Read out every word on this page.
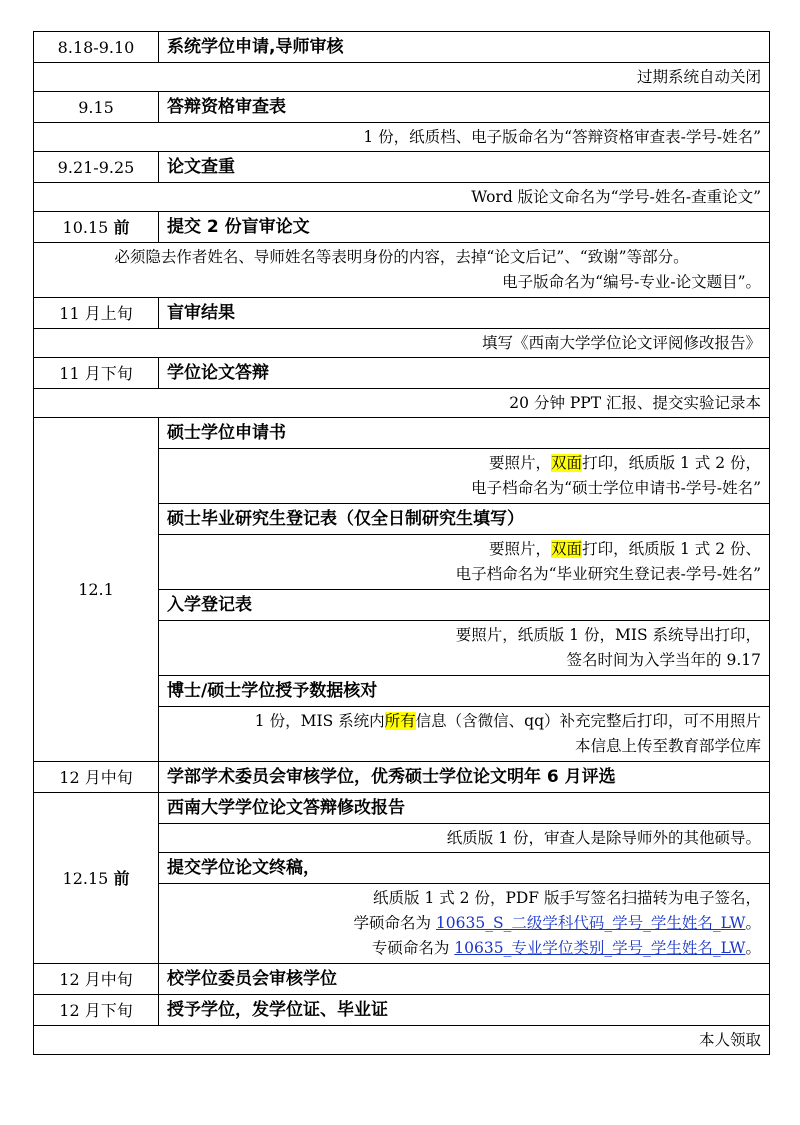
8.18-9.10	系统学位申请,导师审核
过期系统自动关闭	
9.15	答辩资格审查表
1 份，纸质档、电子版命名为“答辩资格审查表-学号-姓名”	
9.21-9.25	论文查重
Word 版论文命名为“学号-姓名-查重论文”	
10.15 前	提交 2 份盲审论文

必须隐去作者姓名、导师姓名等表明身份的内容，去掉“论文后记”、“致谢”等部分。
电子版命名为“编号-专业-论文题目”。	

11 月上旬	盲审结果
填写《西南大学学位论文评阅修改报告》	
11 月下旬	学位论文答辩
20 分钟 PPT 汇报、提交实验记录本	
12.1	硕士学位申请书

	要照片，双面打印，纸质版 1 式 2 份，
电子档命名为“硕士学位申请书-学号-姓名”

	硕士毕业研究生登记表（仅全日制研究生填写）

	要照片，双面打印，纸质版 1 式 2 份、
电子档命名为“毕业研究生登记表-学号-姓名”

	入学登记表

	要照片，纸质版 1 份，MIS 系统导出打印，
签名时间为入学当年的 9.17

	博士/硕士学位授予数据核对

	1 份，MIS 系统内所有信息（含微信、qq）补充完整后打印，可不用照片
本信息上传至教育部学位库

12 月中旬	学部学术委员会审核学位，优秀硕士学位论文明年 6 月评选
12.15 前	西南大学学位论文答辩修改报告
	纸质版 1 份，审查人是除导师外的其他硕导。
	提交学位论文终稿，

	纸质版 1 式 2 份，PDF 版手写签名扫描转为电子签名，
学硕命名为 10635_S_二级学科代码_学号_学生姓名_LW。
专硕命名为 10635_专业学位类别_学号_学生姓名_LW。

12 月中旬	校学位委员会审核学位
12 月下旬	授予学位，发学位证、毕业证
本人领取	
